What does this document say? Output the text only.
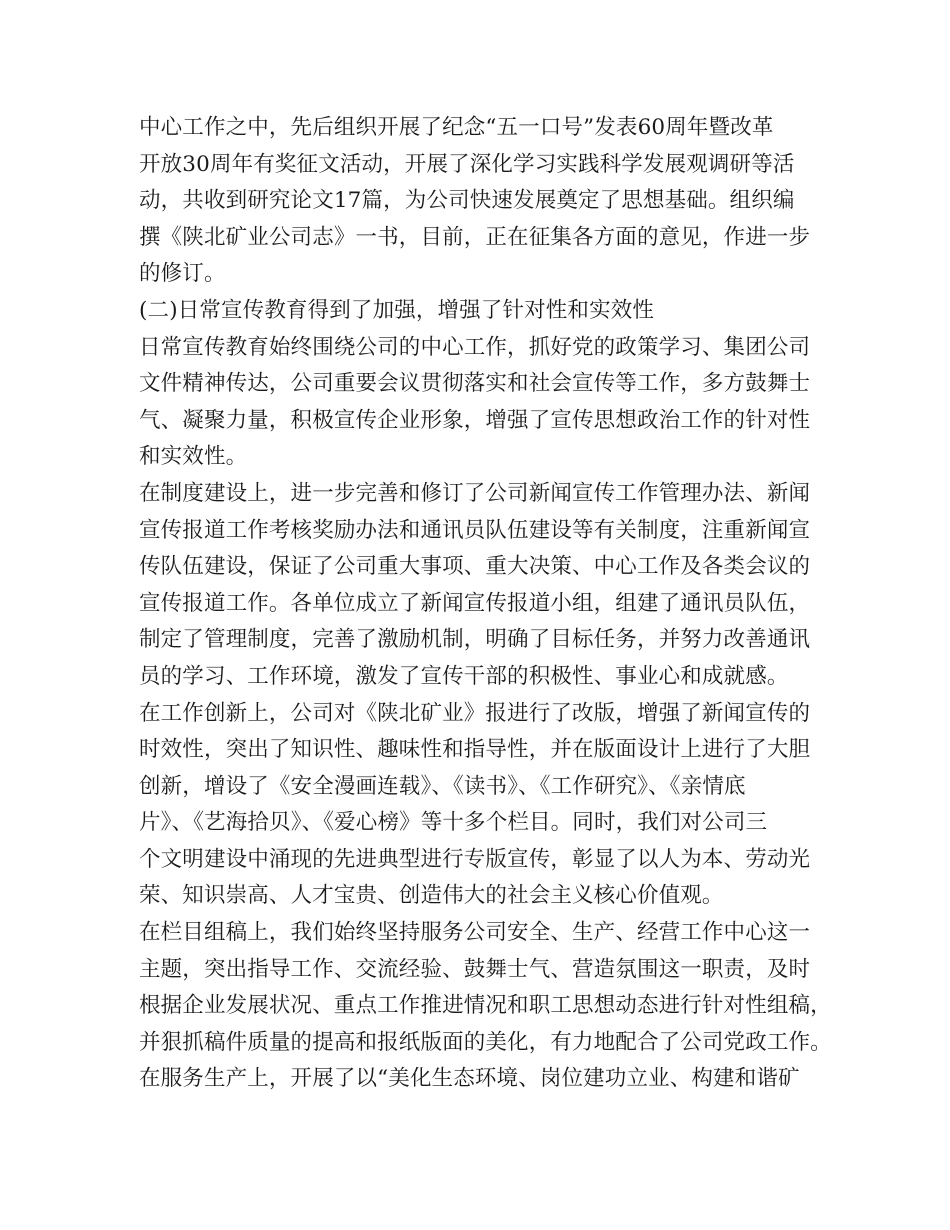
中心工作之中，先后组织开展了纪念“五一口号”发表60周年暨改革
开放30周年有奖征文活动，开展了深化学习实践科学发展观调研等活
动，共收到研究论文17篇，为公司快速发展奠定了思想基础。组织编
撰《陕北矿业公司志》一书，目前，正在征集各方面的意见，作进一步
的修订。
(二)日常宣传教育得到了加强，增强了针对性和实效性
日常宣传教育始终围绕公司的中心工作，抓好党的政策学习、集团公司
文件精神传达，公司重要会议贯彻落实和社会宣传等工作，多方鼓舞士
气、凝聚力量，积极宣传企业形象，增强了宣传思想政治工作的针对性
和实效性。
在制度建设上，进一步完善和修订了公司新闻宣传工作管理办法、新闻
宣传报道工作考核奖励办法和通讯员队伍建设等有关制度，注重新闻宣
传队伍建设，保证了公司重大事项、重大决策、中心工作及各类会议的
宣传报道工作。各单位成立了新闻宣传报道小组，组建了通讯员队伍，
制定了管理制度，完善了激励机制，明确了目标任务，并努力改善通讯
员的学习、工作环境，激发了宣传干部的积极性、事业心和成就感。
在工作创新上，公司对《陕北矿业》报进行了改版，增强了新闻宣传的
时效性，突出了知识性、趣味性和指导性，并在版面设计上进行了大胆
创新，增设了《安全漫画连载》、《读书》、《工作研究》、《亲情底
片》、《艺海拾贝》、《爱心榜》等十多个栏目。同时，我们对公司三
个文明建设中涌现的先进典型进行专版宣传，彰显了以人为本、劳动光
荣、知识崇高、人才宝贵、创造伟大的社会主义核心价值观。
在栏目组稿上，我们始终坚持服务公司安全、生产、经营工作中心这一
主题，突出指导工作、交流经验、鼓舞士气、营造氛围这一职责，及时
根据企业发展状况、重点工作推进情况和职工思想动态进行针对性组稿，
并狠抓稿件质量的提高和报纸版面的美化，有力地配合了公司党政工作。
在服务生产上，开展了以“美化生态环境、岗位建功立业、构建和谐矿
